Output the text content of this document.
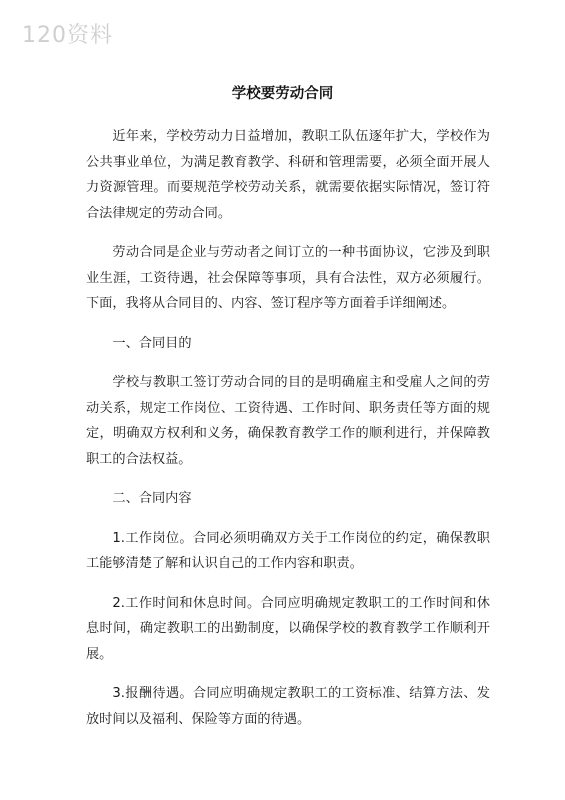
120资料
学校要劳动合同

近年来，学校劳动力日益增加，教职工队伍逐年扩大，学校作为公共事业单位，为满足教育教学、科研和管理需要，必须全面开展人力资源管理。而要规范学校劳动关系，就需要依据实际情况，签订符合法律规定的劳动合同。

劳动合同是企业与劳动者之间订立的一种书面协议，它涉及到职业生涯，工资待遇，社会保障等事项，具有合法性，双方必须履行。下面，我将从合同目的、内容、签订程序等方面着手详细阐述。

一、合同目的

学校与教职工签订劳动合同的目的是明确雇主和受雇人之间的劳动关系，规定工作岗位、工资待遇、工作时间、职务责任等方面的规定，明确双方权利和义务，确保教育教学工作的顺利进行，并保障教职工的合法权益。

二、合同内容

1.工作岗位。合同必须明确双方关于工作岗位的约定，确保教职工能够清楚了解和认识自己的工作内容和职责。

2.工作时间和休息时间。合同应明确规定教职工的工作时间和休息时间，确定教职工的出勤制度，以确保学校的教育教学工作顺利开展。

3.报酬待遇。合同应明确规定教职工的工资标准、结算方法、发放时间以及福利、保险等方面的待遇。
